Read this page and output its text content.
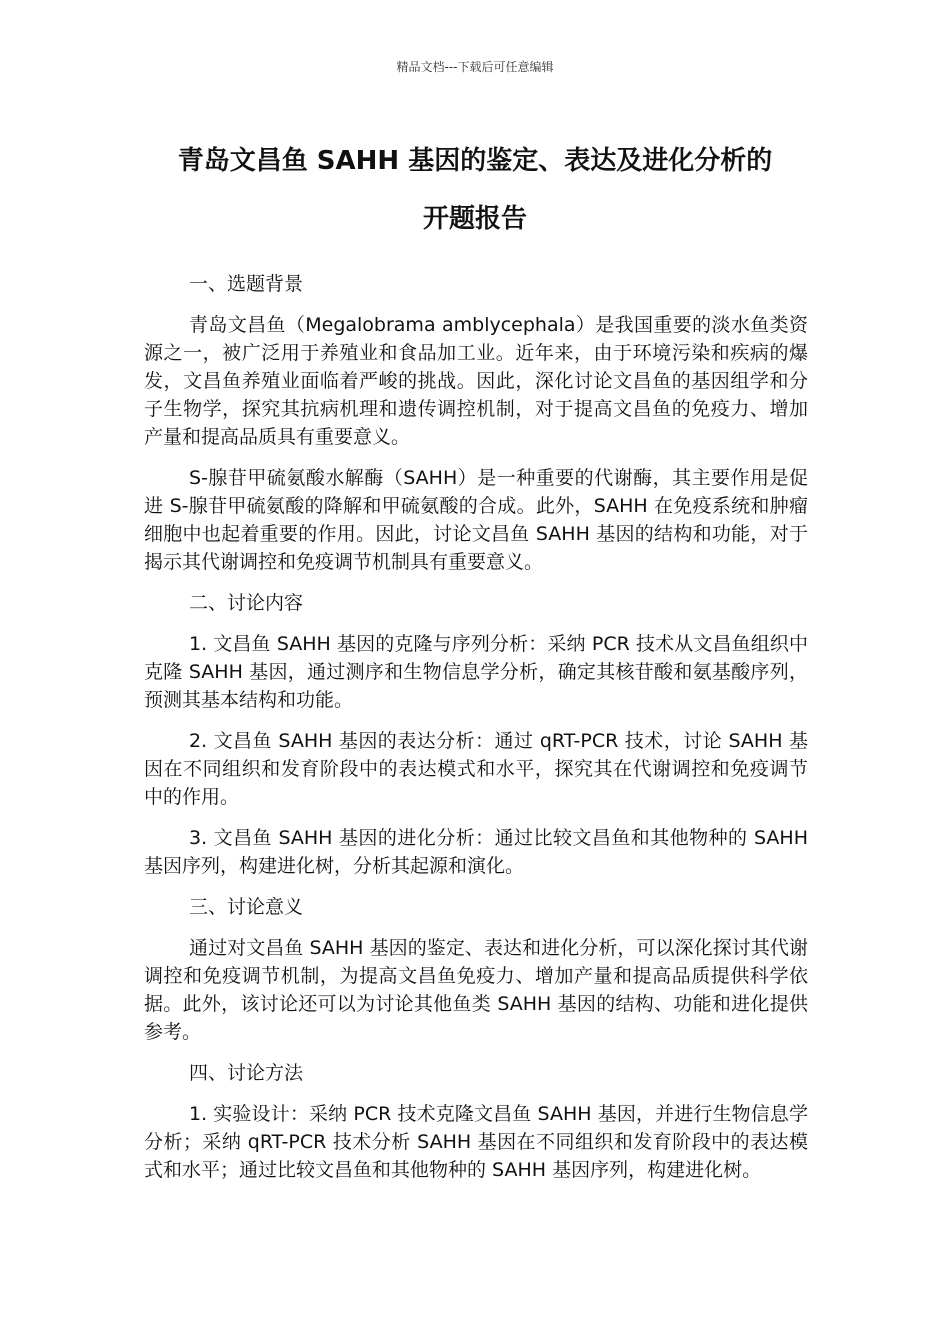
精品文档---下载后可任意编辑
青岛文昌鱼 SAHH 基因的鉴定、表达及进化分析的
开题报告

一、选题背景

青岛文昌鱼（Megalobrama amblycephala）是我国重要的淡水鱼类资源之一，被广泛用于养殖业和食品加工业。近年来，由于环境污染和疾病的爆发，文昌鱼养殖业面临着严峻的挑战。因此，深化讨论文昌鱼的基因组学和分子生物学，探究其抗病机理和遗传调控机制，对于提高文昌鱼的免疫力、增加产量和提高品质具有重要意义。

S-腺苷甲硫氨酸水解酶（SAHH）是一种重要的代谢酶，其主要作用是促进 S-腺苷甲硫氨酸的降解和甲硫氨酸的合成。此外，SAHH 在免疫系统和肿瘤细胞中也起着重要的作用。因此，讨论文昌鱼 SAHH 基因的结构和功能，对于揭示其代谢调控和免疫调节机制具有重要意义。

二、讨论内容

1. 文昌鱼 SAHH 基因的克隆与序列分析：采纳 PCR 技术从文昌鱼组织中克隆 SAHH 基因，通过测序和生物信息学分析，确定其核苷酸和氨基酸序列，预测其基本结构和功能。

2. 文昌鱼 SAHH 基因的表达分析：通过 qRT-PCR 技术，讨论 SAHH 基因在不同组织和发育阶段中的表达模式和水平，探究其在代谢调控和免疫调节中的作用。

3. 文昌鱼 SAHH 基因的进化分析：通过比较文昌鱼和其他物种的 SAHH 基因序列，构建进化树，分析其起源和演化。

三、讨论意义

通过对文昌鱼 SAHH 基因的鉴定、表达和进化分析，可以深化探讨其代谢调控和免疫调节机制，为提高文昌鱼免疫力、增加产量和提高品质提供科学依据。此外，该讨论还可以为讨论其他鱼类 SAHH 基因的结构、功能和进化提供参考。

四、讨论方法

1. 实验设计：采纳 PCR 技术克隆文昌鱼 SAHH 基因，并进行生物信息学分析；采纳 qRT-PCR 技术分析 SAHH 基因在不同组织和发育阶段中的表达模式和水平；通过比较文昌鱼和其他物种的 SAHH 基因序列，构建进化树。
